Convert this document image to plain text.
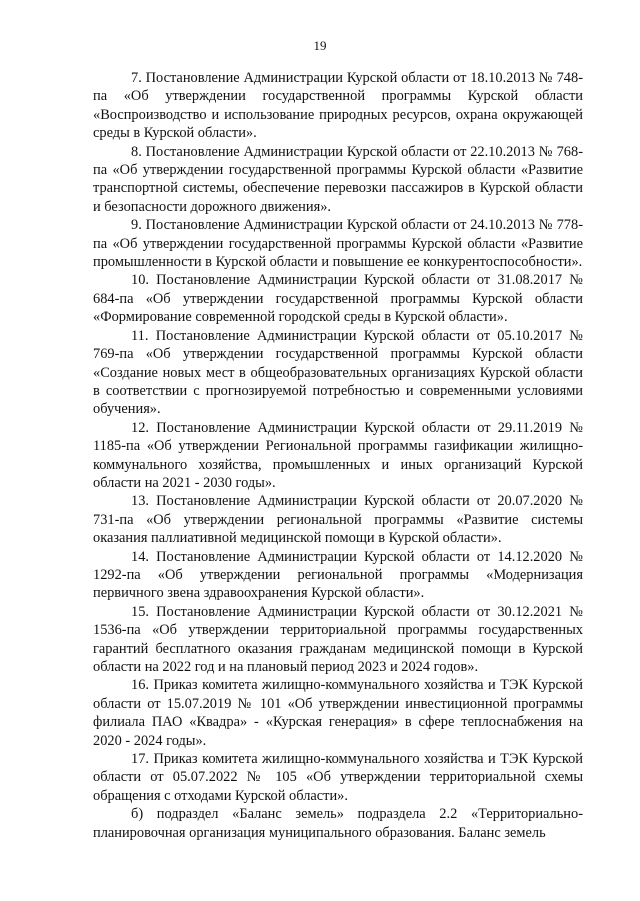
19

7. Постановление Администрации Курской области от 18.10.2013 № 748-па «Об утверждении государственной программы Курской области «Воспроизводство и использование природных ресурсов, охрана окружающей среды в Курской области».

8. Постановление Администрации Курской области от 22.10.2013 № 768-па «Об утверждении государственной программы Курской области «Развитие транспортной системы, обеспечение перевозки пассажиров в Курской области и безопасности дорожного движения».

9. Постановление Администрации Курской области от 24.10.2013 № 778-па «Об утверждении государственной программы Курской области «Развитие промышленности в Курской области и повышение ее конкурентоспособности».

10. Постановление Администрации Курской области от 31.08.2017 № 684-па «Об утверждении государственной программы Курской области «Формирование современной городской среды в Курской области».

11. Постановление Администрации Курской области от 05.10.2017 № 769-па «Об утверждении государственной программы Курской области «Создание новых мест в общеобразовательных организациях Курской области в соответствии с прогнозируемой потребностью и современными условиями обучения».

12. Постановление Администрации Курской области от 29.11.2019 № 1185-па «Об утверждении Региональной программы газификации жилищно-коммунального хозяйства, промышленных и иных организаций Курской области на 2021 - 2030 годы».

13. Постановление Администрации Курской области от 20.07.2020 № 731-па «Об утверждении региональной программы «Развитие системы оказания паллиативной медицинской помощи в Курской области».

14. Постановление Администрации Курской области от 14.12.2020 № 1292-па «Об утверждении региональной программы «Модернизация первичного звена здравоохранения Курской области».

15. Постановление Администрации Курской области от 30.12.2021 № 1536-па «Об утверждении территориальной программы государственных гарантий бесплатного оказания гражданам медицинской помощи в Курской области на 2022 год и на плановый период 2023 и 2024 годов».

16. Приказ комитета жилищно-коммунального хозяйства и ТЭК Курской области от 15.07.2019 № 101 «Об утверждении инвестиционной программы филиала ПАО «Квадра» - «Курская генерация» в сфере теплоснабжения на 2020 - 2024 годы».

17. Приказ комитета жилищно-коммунального хозяйства и ТЭК Курской области от 05.07.2022 № 105 «Об утверждении территориальной схемы обращения с отходами Курской области».

б) подраздел «Баланс земель» подраздела 2.2 «Территориально-планировочная организация муниципального образования. Баланс земель
